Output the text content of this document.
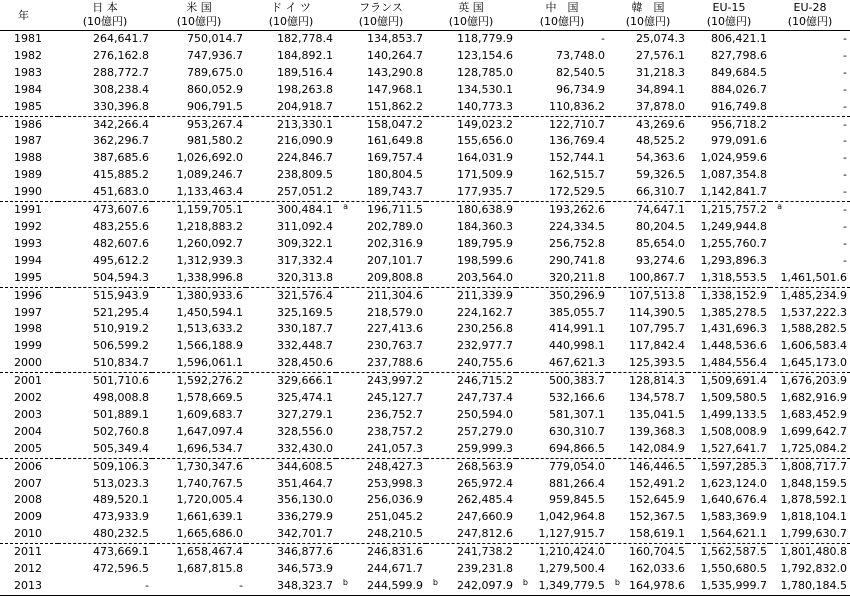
年	日 本	米 国	ド イ ツ	フランス	英 国	中　国	韓　国	EU-15	EU-28
	(10億円)	(10億円)	(10億円)	(10億円)	(10億円)	(10億円)	(10億円)	(10億円)	(10億円)
1981	264,641.7	750,014.7	182,778.4	134,853.7	118,779.9	-	25,074.3	806,421.1	-
1982	276,162.8	747,936.7	184,892.1	140,264.7	123,154.6	73,748.0	27,576.1	827,798.6	-
1983	288,772.7	789,675.0	189,516.4	143,290.8	128,785.0	82,540.5	31,218.3	849,684.5	-
1984	308,238.4	860,052.9	198,263.8	147,968.1	134,530.1	96,734.9	34,894.1	884,026.7	-
1985	330,396.8	906,791.5	204,918.7	151,862.2	140,773.3	110,836.2	37,878.0	916,749.8	-
1986	342,266.4	953,267.4	213,330.1	158,047.2	149,023.2	122,710.7	43,269.6	956,718.2	-
1987	362,296.7	981,580.2	216,090.9	161,649.8	155,656.0	136,769.4	48,525.2	979,091.6	-
1988	387,685.6	1,026,692.0	224,846.7	169,757.4	164,031.9	152,744.1	54,363.6	1,024,959.6	-
1989	415,885.2	1,089,246.7	238,809.5	180,804.5	171,509.9	162,515.7	59,326.5	1,087,354.8	-
1990	451,683.0	1,133,463.4	257,051.2	189,743.7	177,935.7	172,529.5	66,310.7	1,142,841.7	-
1991	473,607.6	1,159,705.1	300,484.1 a	196,711.5	180,638.9	193,262.6	74,647.1	1,215,757.2 a	-
1992	483,255.6	1,218,883.2	311,092.4	202,789.0	184,360.3	224,334.5	80,204.5	1,249,944.8	-
1993	482,607.6	1,260,092.7	309,322.1	202,316.9	189,795.9	256,752.8	85,654.0	1,255,760.7	-
1994	495,612.2	1,312,939.3	317,332.4	207,101.7	198,599.6	290,741.8	93,274.6	1,293,896.3	-
1995	504,594.3	1,338,996.8	320,313.8	209,808.8	203,564.0	320,211.8	100,867.7	1,318,553.5	1,461,501.6
1996	515,943.9	1,380,933.6	321,576.4	211,304.6	211,339.9	350,296.9	107,513.8	1,338,152.9	1,485,234.9
1997	521,295.4	1,450,594.1	325,169.5	218,579.0	224,162.7	385,055.7	114,390.5	1,385,278.5	1,537,222.3
1998	510,919.2	1,513,633.2	330,187.7	227,413.6	230,256.8	414,991.1	107,795.7	1,431,696.3	1,588,282.5
1999	506,599.2	1,566,188.9	332,448.7	230,763.7	232,977.7	440,998.1	117,842.4	1,448,536.6	1,606,583.4
2000	510,834.7	1,596,061.1	328,450.6	237,788.6	240,755.6	467,621.3	125,393.5	1,484,556.4	1,645,173.0
2001	501,710.6	1,592,276.2	329,666.1	243,997.2	246,715.2	500,383.7	128,814.3	1,509,691.4	1,676,203.9
2002	498,008.8	1,578,669.5	325,474.1	245,127.7	247,737.4	532,166.6	134,578.7	1,509,580.5	1,682,916.9
2003	501,889.1	1,609,683.7	327,279.1	236,752.7	250,594.0	581,307.1	135,041.5	1,499,133.5	1,683,452.9
2004	502,760.8	1,647,097.4	328,556.0	238,757.2	257,279.0	630,310.7	139,368.3	1,508,008.9	1,699,642.7
2005	505,349.4	1,696,534.7	332,430.0	241,057.3	259,999.3	694,866.5	142,084.9	1,527,641.7	1,725,084.2
2006	509,106.3	1,730,347.6	344,608.5	248,427.3	268,563.9	779,054.0	146,446.5	1,597,285.3	1,808,717.7
2007	513,023.3	1,740,767.5	351,464.7	253,998.3	265,972.4	881,266.4	152,491.2	1,623,124.0	1,848,159.5
2008	489,520.1	1,720,005.4	356,130.0	256,036.9	262,485.4	959,845.5	152,645.9	1,640,676.4	1,878,592.1
2009	473,933.9	1,661,639.1	336,279.9	251,045.2	247,660.9	1,042,964.8	152,367.5	1,583,369.9	1,818,104.1
2010	480,232.5	1,665,686.0	342,701.7	248,210.5	247,812.6	1,127,915.7	158,619.1	1,564,621.1	1,799,630.7
2011	473,669.1	1,658,467.4	346,877.6	246,831.6	241,738.2	1,210,424.0	160,704.5	1,562,587.5	1,801,480.8
2012	472,596.5	1,687,815.8	346,573.9	244,671.7	239,231.8	1,279,500.4	162,033.6	1,550,680.5	1,792,832.0
2013	-	-	348,323.7 b	244,599.9 b	242,097.9 b	1,349,779.5 b	164,978.6	1,535,999.7	1,780,184.5
